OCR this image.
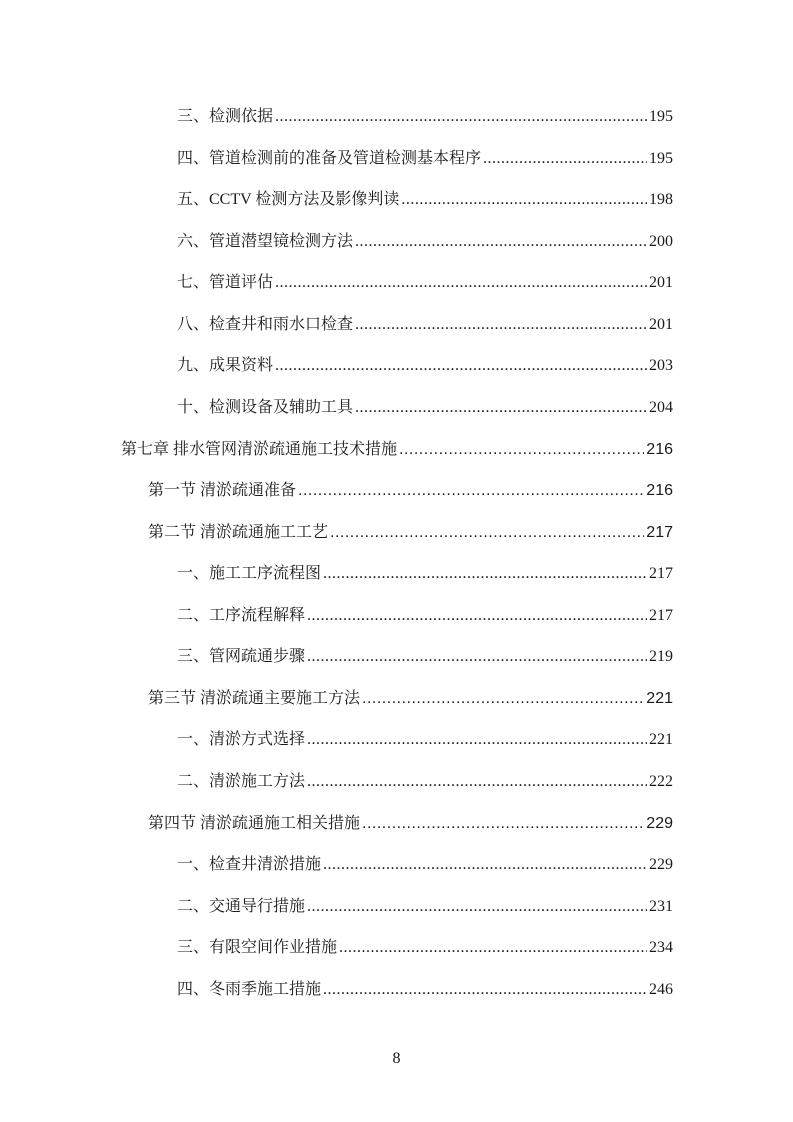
三、检测依据 .....	195
四、管道检测前的准备及管道检测基本程序 .....	195
五、CCTV 检测方法及影像判读 .....	198
六、管道潜望镜检测方法 .....	200
七、管道评估 .....	201
八、检查井和雨水口检查 .....	201
九、成果资料 .....	203
十、检测设备及辅助工具 .....	204
第七章 排水管网清淤疏通施工技术措施 .....	216
第一节 清淤疏通准备 .....	216
第二节 清淤疏通施工工艺 .....	217
一、施工工序流程图 .....	217
二、工序流程解释 .....	217
三、管网疏通步骤 .....	219
第三节 清淤疏通主要施工方法 .....	221
一、清淤方式选择 .....	221
二、清淤施工方法 .....	222
第四节 清淤疏通施工相关措施 .....	229
一、检查井清淤措施 .....	229
二、交通导行措施 .....	231
三、有限空间作业措施 .....	234
四、冬雨季施工措施 .....	246
8
